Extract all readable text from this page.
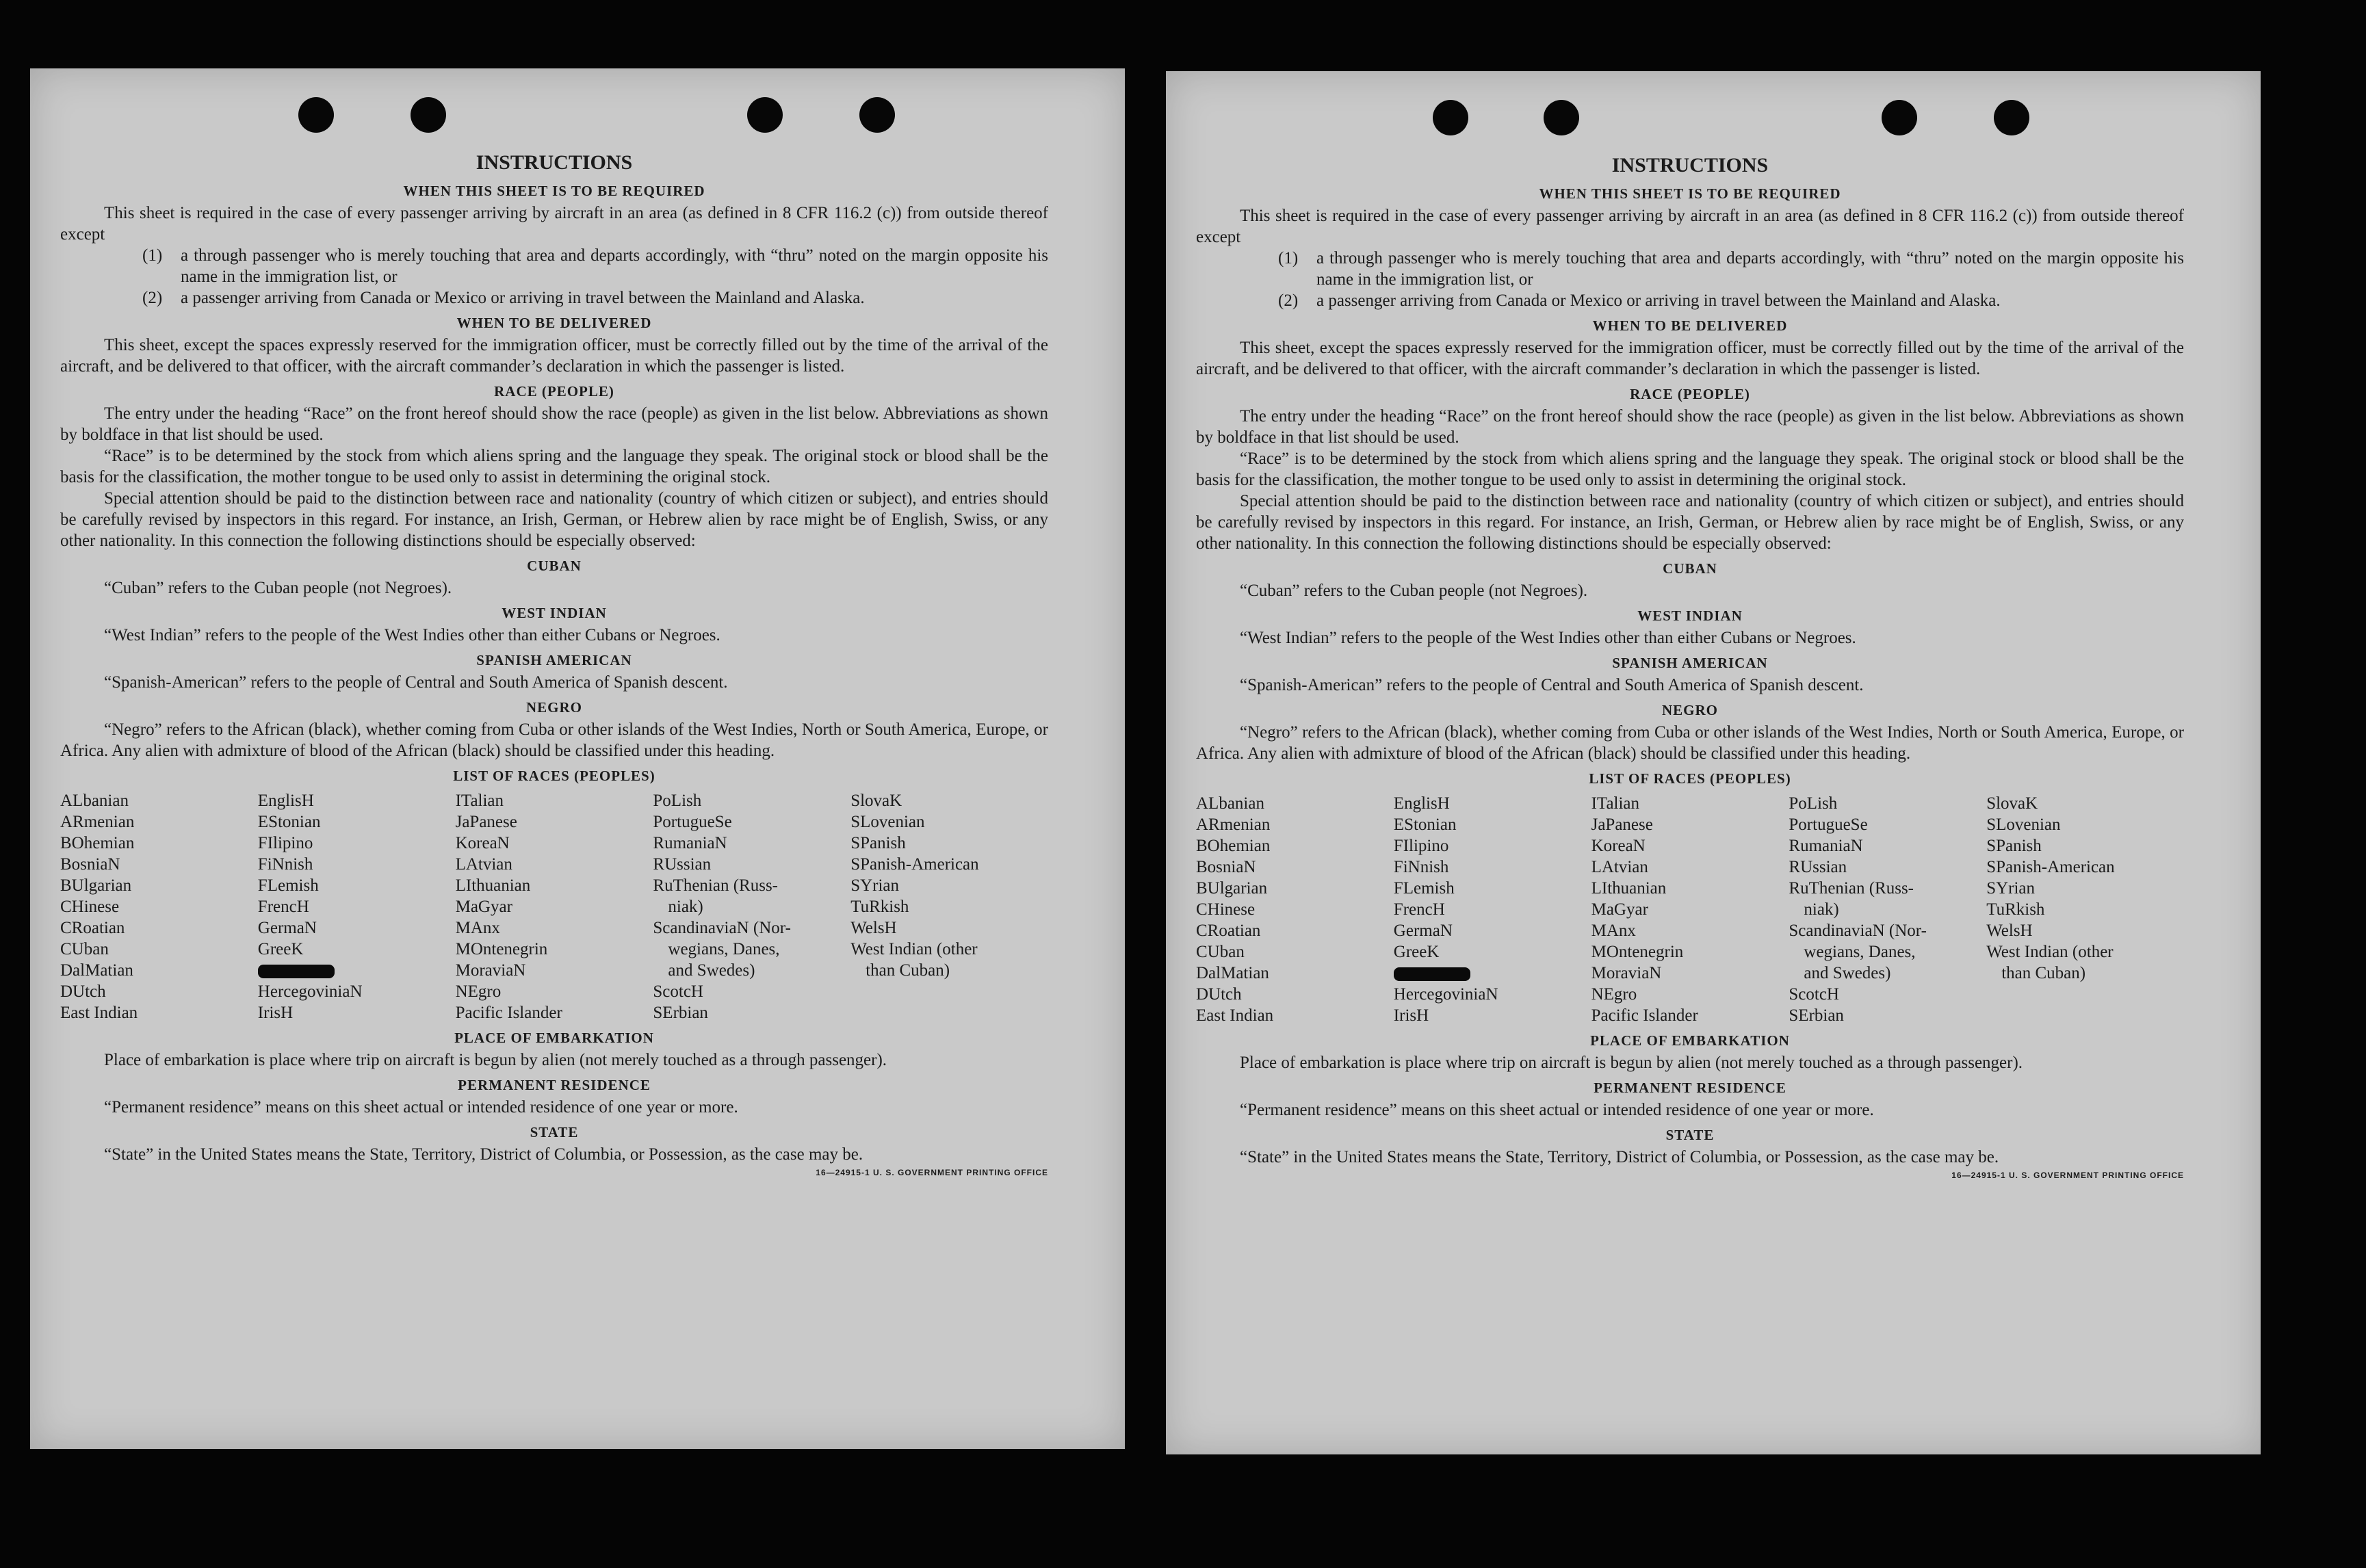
INSTRUCTIONS
WHEN THIS SHEET IS TO BE REQUIRED

This sheet is required in the case of every passenger arriving by aircraft in an area (as defined in 8 CFR 116.2 (c)) from outside thereof except

(1)	a through passenger who is merely touching that area and departs accordingly, with “thru” noted on the margin opposite his name in the immigration list, or
(2)	a passenger arriving from Canada or Mexico or arriving in travel between the Mainland and Alaska.
WHEN TO BE DELIVERED

This sheet, except the spaces expressly reserved for the immigration officer, must be correctly filled out by the time of the arrival of the aircraft, and be delivered to that officer, with the aircraft commander’s declaration in which the passenger is listed.

RACE (PEOPLE)

The entry under the heading “Race” on the front hereof should show the race (people) as given in the list below. Abbreviations as shown by boldface in that list should be used.

“Race” is to be determined by the stock from which aliens spring and the language they speak. The original stock or blood shall be the basis for the classification, the mother tongue to be used only to assist in determining the original stock.

Special attention should be paid to the distinction between race and nationality (country of which citizen or subject), and entries should be carefully revised by inspectors in this regard. For instance, an Irish, German, or Hebrew alien by race might be of English, Swiss, or any other nationality. In this connection the following distinctions should be especially observed:

CUBAN

“Cuban” refers to the Cuban people (not Negroes).

WEST INDIAN

“West Indian” refers to the people of the West Indies other than either Cubans or Negroes.

SPANISH AMERICAN

“Spanish-American” refers to the people of Central and South America of Spanish descent.

NEGRO

“Negro” refers to the African (black), whether coming from Cuba or other islands of the West Indies, North or South America, Europe, or Africa. Any alien with admixture of blood of the African (black) should be classified under this heading.

LIST OF RACES (PEOPLES)
ALbanian
ARmenian
BOhemian
BosniaN
BUlgarian
CHinese
CRoatian
CUban
DalMatian
DUtch
East Indian
EnglisH
EStonian
FIlipino
FiNnish
FLemish
FrencH
GermaN
GreeK
HercegoviniaN
IrisH
ITalian
JaPanese
KoreaN
LAtvian
LIthuanian
MaGyar
MAnx
MOntenegrin
MoraviaN
NEgro
Pacific Islander
PoLish
PortugueSe
RumaniaN
RUssian
RuThenian (Russ-
niak)
ScandinaviaN (Nor-
wegians, Danes,
and Swedes)
ScotcH
SErbian
SlovaK
SLovenian
SPanish
SPanish-American
SYrian
TuRkish
WelsH
West Indian (other
than Cuban)
PLACE OF EMBARKATION

Place of embarkation is place where trip on aircraft is begun by alien (not merely touched as a through passenger).

PERMANENT RESIDENCE

“Permanent residence” means on this sheet actual or intended residence of one year or more.

STATE

“State” in the United States means the State, Territory, District of Columbia, or Possession, as the case may be.

16—24915-1 U. S. GOVERNMENT PRINTING OFFICE
INSTRUCTIONS
WHEN THIS SHEET IS TO BE REQUIRED

This sheet is required in the case of every passenger arriving by aircraft in an area (as defined in 8 CFR 116.2 (c)) from outside thereof except

(1)	a through passenger who is merely touching that area and departs accordingly, with “thru” noted on the margin opposite his name in the immigration list, or
(2)	a passenger arriving from Canada or Mexico or arriving in travel between the Mainland and Alaska.
WHEN TO BE DELIVERED

This sheet, except the spaces expressly reserved for the immigration officer, must be correctly filled out by the time of the arrival of the aircraft, and be delivered to that officer, with the aircraft commander’s declaration in which the passenger is listed.

RACE (PEOPLE)

The entry under the heading “Race” on the front hereof should show the race (people) as given in the list below. Abbreviations as shown by boldface in that list should be used.

“Race” is to be determined by the stock from which aliens spring and the language they speak. The original stock or blood shall be the basis for the classification, the mother tongue to be used only to assist in determining the original stock.

Special attention should be paid to the distinction between race and nationality (country of which citizen or subject), and entries should be carefully revised by inspectors in this regard. For instance, an Irish, German, or Hebrew alien by race might be of English, Swiss, or any other nationality. In this connection the following distinctions should be especially observed:

CUBAN

“Cuban” refers to the Cuban people (not Negroes).

WEST INDIAN

“West Indian” refers to the people of the West Indies other than either Cubans or Negroes.

SPANISH AMERICAN

“Spanish-American” refers to the people of Central and South America of Spanish descent.

NEGRO

“Negro” refers to the African (black), whether coming from Cuba or other islands of the West Indies, North or South America, Europe, or Africa. Any alien with admixture of blood of the African (black) should be classified under this heading.

LIST OF RACES (PEOPLES)
ALbanian
ARmenian
BOhemian
BosniaN
BUlgarian
CHinese
CRoatian
CUban
DalMatian
DUtch
East Indian
EnglisH
EStonian
FIlipino
FiNnish
FLemish
FrencH
GermaN
GreeK
HercegoviniaN
IrisH
ITalian
JaPanese
KoreaN
LAtvian
LIthuanian
MaGyar
MAnx
MOntenegrin
MoraviaN
NEgro
Pacific Islander
PoLish
PortugueSe
RumaniaN
RUssian
RuThenian (Russ-
niak)
ScandinaviaN (Nor-
wegians, Danes,
and Swedes)
ScotcH
SErbian
SlovaK
SLovenian
SPanish
SPanish-American
SYrian
TuRkish
WelsH
West Indian (other
than Cuban)
PLACE OF EMBARKATION

Place of embarkation is place where trip on aircraft is begun by alien (not merely touched as a through passenger).

PERMANENT RESIDENCE

“Permanent residence” means on this sheet actual or intended residence of one year or more.

STATE

“State” in the United States means the State, Territory, District of Columbia, or Possession, as the case may be.

16—24915-1 U. S. GOVERNMENT PRINTING OFFICE
